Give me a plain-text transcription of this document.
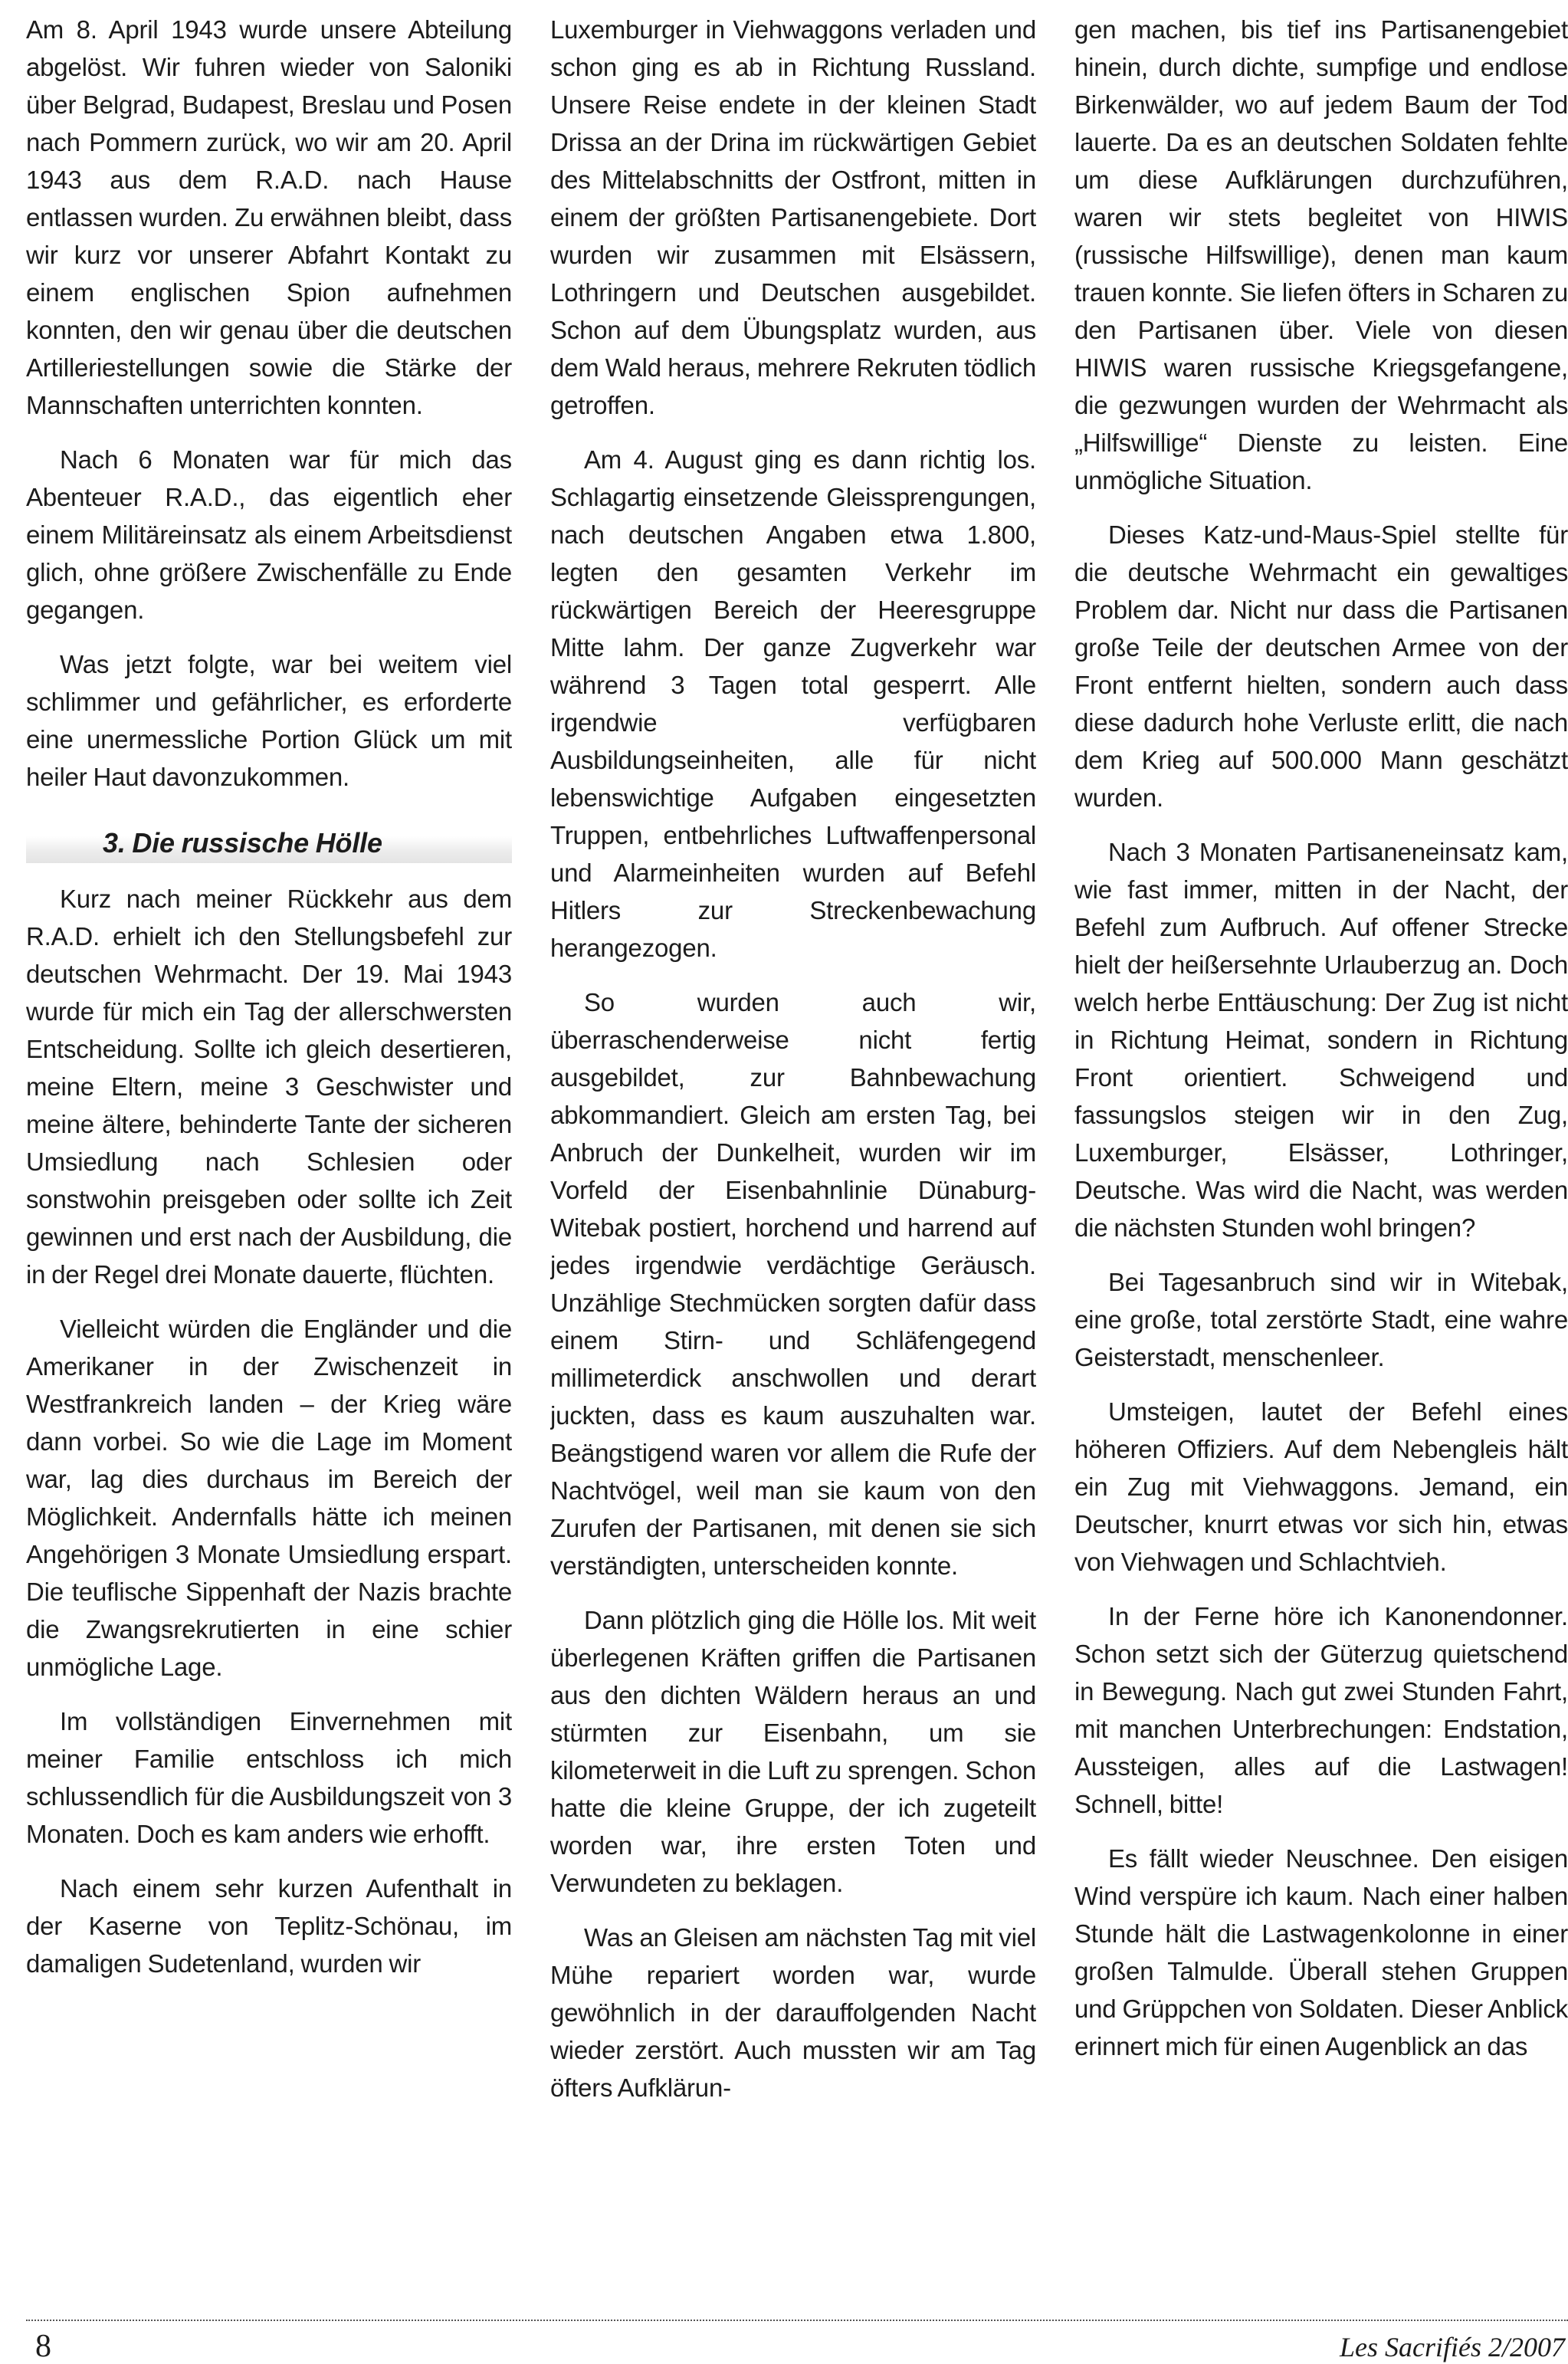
Am 8. April 1943 wurde unsere Abteilung abgelöst. Wir fuhren wieder von Saloniki über Belgrad, Budapest, Breslau und Posen nach Pommern zurück, wo wir am 20. April 1943 aus dem R.A.D. nach Hause entlassen wurden. Zu erwähnen bleibt, dass wir kurz vor unserer Abfahrt Kontakt zu einem englischen Spion aufnehmen konnten, den wir genau über die deutschen Artilleriestellungen sowie die Stärke der Mannschaften unterrichten konnten.

Nach 6 Monaten war für mich das Abenteuer R.A.D., das eigentlich eher einem Militäreinsatz als einem Arbeitsdienst glich, ohne größere Zwischenfälle zu Ende gegangen.

Was jetzt folgte, war bei weitem viel schlimmer und gefährlicher, es erforderte eine unermessliche Portion Glück um mit heiler Haut davonzukommen.

3. Die russische Hölle

Kurz nach meiner Rückkehr aus dem R.A.D. erhielt ich den Stellungsbefehl zur deutschen Wehrmacht. Der 19. Mai 1943 wurde für mich ein Tag der allerschwersten Entscheidung. Sollte ich gleich desertieren, meine Eltern, meine 3 Geschwister und meine ältere, behinderte Tante der sicheren Umsiedlung nach Schlesien oder sonstwohin preisgeben oder sollte ich Zeit gewinnen und erst nach der Ausbildung, die in der Regel drei Monate dauerte, flüchten.

Vielleicht würden die Engländer und die Amerikaner in der Zwischenzeit in Westfrankreich landen – der Krieg wäre dann vorbei. So wie die Lage im Moment war, lag dies durchaus im Bereich der Möglichkeit. Andernfalls hätte ich meinen Angehörigen 3 Monate Umsiedlung erspart. Die teuflische Sippenhaft der Nazis brachte die Zwangsrekrutierten in eine schier unmögliche Lage.

Im vollständigen Einvernehmen mit meiner Familie entschloss ich mich schlussendlich für die Ausbildungszeit von 3 Monaten. Doch es kam anders wie erhofft.

Nach einem sehr kurzen Aufenthalt in der Kaserne von Teplitz-Schönau, im damaligen Sudetenland, wurden wir

Luxemburger in Viehwaggons verladen und schon ging es ab in Richtung Russland. Unsere Reise endete in der kleinen Stadt Drissa an der Drina im rückwärtigen Gebiet des Mittelabschnitts der Ostfront, mitten in einem der größten Partisanengebiete. Dort wurden wir zusammen mit Elsässern, Lothringern und Deutschen ausgebildet. Schon auf dem Übungsplatz wurden, aus dem Wald heraus, mehrere Rekruten tödlich getroffen.

Am 4. August ging es dann richtig los. Schlagartig einsetzende Gleissprengungen, nach deutschen Angaben etwa 1.800, legten den gesamten Verkehr im rückwärtigen Bereich der Heeresgruppe Mitte lahm. Der ganze Zugverkehr war während 3 Tagen total gesperrt. Alle irgendwie verfügbaren Ausbildungseinheiten, alle für nicht lebenswichtige Aufgaben eingesetzten Truppen, entbehrliches Luftwaffenpersonal und Alarmeinheiten wurden auf Befehl Hitlers zur Streckenbewachung herangezogen.

So wurden auch wir, überraschenderweise nicht fertig ausgebildet, zur Bahnbewachung abkommandiert. Gleich am ersten Tag, bei Anbruch der Dunkelheit, wurden wir im Vorfeld der Eisenbahnlinie Dünaburg-Witebak postiert, horchend und harrend auf jedes irgendwie verdächtige Geräusch. Unzählige Stechmücken sorgten dafür dass einem Stirn- und Schläfengegend millimeterdick anschwollen und derart juckten, dass es kaum auszuhalten war. Beängstigend waren vor allem die Rufe der Nachtvögel, weil man sie kaum von den Zurufen der Partisanen, mit denen sie sich verständigten, unterscheiden konnte.

Dann plötzlich ging die Hölle los. Mit weit überlegenen Kräften griffen die Partisanen aus den dichten Wäldern heraus an und stürmten zur Eisenbahn, um sie kilometerweit in die Luft zu sprengen. Schon hatte die kleine Gruppe, der ich zugeteilt worden war, ihre ersten Toten und Verwundeten zu beklagen.

Was an Gleisen am nächsten Tag mit viel Mühe repariert worden war, wurde gewöhnlich in der darauffolgenden Nacht wieder zerstört. Auch mussten wir am Tag öfters Aufklärun-

gen machen, bis tief ins Partisanengebiet hinein, durch dichte, sumpfige und endlose Birkenwälder, wo auf jedem Baum der Tod lauerte. Da es an deutschen Soldaten fehlte um diese Aufklärungen durchzuführen, waren wir stets begleitet von HIWIS (russische Hilfswillige), denen man kaum trauen konnte. Sie liefen öfters in Scharen zu den Partisanen über. Viele von diesen HIWIS waren russische Kriegsgefangene, die gezwungen wurden der Wehrmacht als „Hilfswillige“ Dienste zu leisten. Eine unmögliche Situation.

Dieses Katz-und-Maus-Spiel stellte für die deutsche Wehrmacht ein gewaltiges Problem dar. Nicht nur dass die Partisanen große Teile der deutschen Armee von der Front entfernt hielten, sondern auch dass diese dadurch hohe Verluste erlitt, die nach dem Krieg auf 500.000 Mann geschätzt wurden.

Nach 3 Monaten Partisaneneinsatz kam, wie fast immer, mitten in der Nacht, der Befehl zum Aufbruch. Auf offener Strecke hielt der heißersehnte Urlauberzug an. Doch welch herbe Enttäuschung: Der Zug ist nicht in Richtung Heimat, sondern in Richtung Front orientiert. Schweigend und fassungslos steigen wir in den Zug, Luxemburger, Elsässer, Lothringer, Deutsche. Was wird die Nacht, was werden die nächsten Stunden wohl bringen?

Bei Tagesanbruch sind wir in Witebak, eine große, total zerstörte Stadt, eine wahre Geisterstadt, menschenleer.

Umsteigen, lautet der Befehl eines höheren Offiziers. Auf dem Nebengleis hält ein Zug mit Viehwaggons. Jemand, ein Deutscher, knurrt etwas vor sich hin, etwas von Viehwagen und Schlachtvieh.

In der Ferne höre ich Kanonendonner. Schon setzt sich der Güterzug quietschend in Bewegung. Nach gut zwei Stunden Fahrt, mit manchen Unterbrechungen: Endstation, Aussteigen, alles auf die Lastwagen! Schnell, bitte!

Es fällt wieder Neuschnee. Den eisigen Wind verspüre ich kaum. Nach einer halben Stunde hält die Lastwagenkolonne in einer großen Talmulde. Überall stehen Gruppen und Grüppchen von Soldaten. Dieser Anblick erinnert mich für einen Augenblick an das

8	Les Sacrifiés 2/2007
